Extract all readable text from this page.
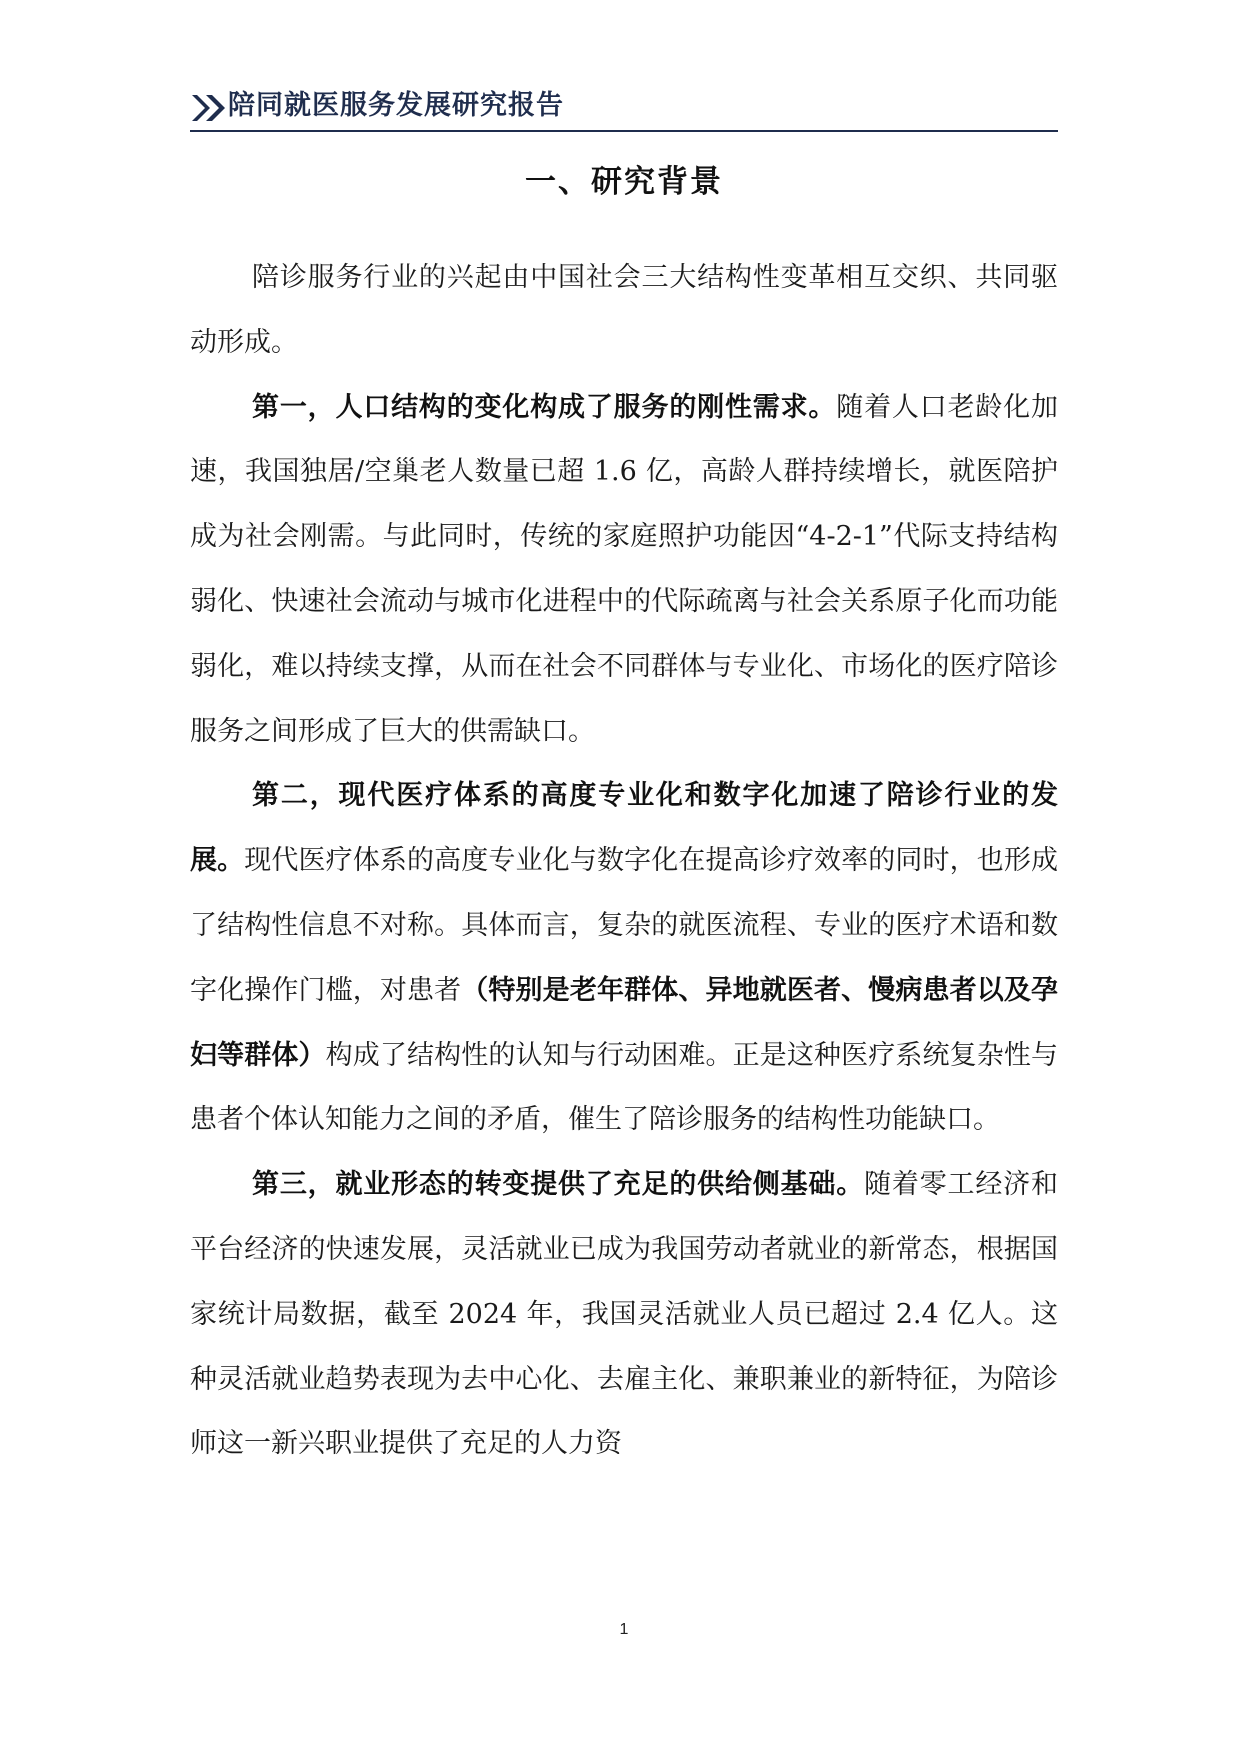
陪同就医服务发展研究报告
一、研究背景

陪诊服务行业的兴起由中国社会三大结构性变革相互交织、共同驱动形成。

第一，人口结构的变化构成了服务的刚性需求。随着人口老龄化加速，我国独居/空巢老人数量已超 1.6 亿，高龄人群持续增长，就医陪护成为社会刚需。与此同时，传统的家庭照护功能因“4-2-1”代际支持结构弱化、快速社会流动与城市化进程中的代际疏离与社会关系原子化而功能弱化，难以持续支撑，从而在社会不同群体与专业化、市场化的医疗陪诊服务之间形成了巨大的供需缺口。

第二，现代医疗体系的高度专业化和数字化加速了陪诊行业的发展。现代医疗体系的高度专业化与数字化在提高诊疗效率的同时，也形成了结构性信息不对称。具体而言，复杂的就医流程、专业的医疗术语和数字化操作门槛，对患者（特别是老年群体、异地就医者、慢病患者以及孕妇等群体）构成了结构性的认知与行动困难。正是这种医疗系统复杂性与患者个体认知能力之间的矛盾，催生了陪诊服务的结构性功能缺口。

第三，就业形态的转变提供了充足的供给侧基础。随着零工经济和平台经济的快速发展，灵活就业已成为我国劳动者就业的新常态，根据国家统计局数据，截至 2024 年，我国灵活就业人员已超过 2.4 亿人。这种灵活就业趋势表现为去中心化、去雇主化、兼职兼业的新特征，为陪诊师这一新兴职业提供了充足的人力资

1
